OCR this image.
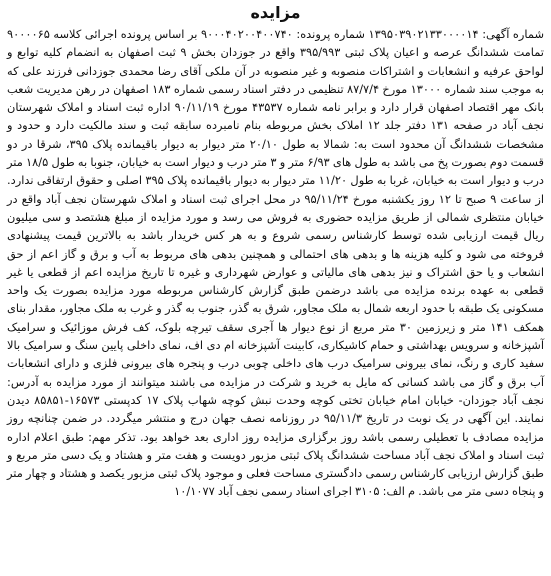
مزایده

شماره آگهی: ۱۳۹۵۰۳۹۰۲۱۳۳۰۰۰۰۱۴ شماره پرونده: ۹۰۰۰۴۰۲۰۰۴۰۰۷۴۰ بر اساس پرونده اجرائی کلاسه ۹۰۰۰۰۶۵ تمامت ششدانگ عرصه و اعیان پلاک ثبتی ۳۹۵/۹۹۳ واقع در جوزدان بخش ۹ ثبت اصفهان به انضمام کلیه توابع و لواحق عرفیه و انشعابات و اشتراکات منصوبه و غیر منصوبه در آن ملکی آقای رضا محمدی جوزدانی فرزند علی که به موجب سند شماره ۱۳۰۰۰ مورخ ۸۷/۷/۴ تنظیمی در دفتر اسناد رسمی شماره ۱۸۳ اصفهان در رهن مدیریت شعب بانک مهر اقتصاد اصفهان قرار دارد و برابر نامه شماره ۴۳۵۳۷ مورخ ۹۰/۱۱/۱۹ اداره ثبت اسناد و املاک شهرستان نجف آباد در صفحه ۱۳۱ دفتر جلد ۱۲ املاک بخش مربوطه بنام نامبرده سابقه ثبت و سند مالکیت دارد و حدود و مشخصات ششدانگ آن محدود است به: شمالا به طول ۲۰/۱۰ متر دیوار به دیوار باقیمانده پلاک ۳۹۵، شرقا در دو قسمت دوم بصورت پخ می باشد به طول های ۶/۹۳ متر و ۳ متر درب و دیوار است به خیابان، جنوبا به طول ۱۸/۵ متر درب و دیوار است به خیابان، غربا به طول ۱۱/۲۰ متر دیوار به دیوار باقیمانده پلاک ۳۹۵ اصلی و حقوق ارتفاقی ندارد. از ساعت ۹ صبح تا ۱۲ روز یکشنبه مورخ ۹۵/۱۱/۲۴ در محل اجرای ثبت اسناد و املاک شهرستان نجف آباد واقع در خیابان منتظری شمالی از طریق مزایده حضوری به فروش می رسد و مورد مزایده از مبلغ هشتصد و سی میلیون ریال قیمت ارزیابی شده توسط کارشناس رسمی شروع و به هر کس خریدار باشد به بالاترین قیمت پیشنهادی فروخته می شود و کلیه هزینه ها و بدهی های احتمالی و همچنین بدهی های مربوط به آب و برق و گاز اعم از حق انشعاب و یا حق اشتراک و نیز بدهی های مالیاتی و عوارض شهرداری و غیره تا تاریخ مزایده اعم از قطعی یا غیر قطعی به عهده برنده مزایده می باشد درضمن طبق گزارش کارشناس مربوطه مورد مزایده بصورت یک واحد مسکونی یک طبقه با حدود اربعه شمال به ملک مجاور، شرق به گذر، جنوب به گذر و غرب به ملک مجاور، مقدار بنای همکف ۱۴۱ متر و زیرزمین ۳۰ متر مربع از نوع دیوار ها آجری سقف تیرچه بلوک، کف فرش موزائیک و سرامیک آشپزخانه و سرویس بهداشتی و حمام کاشیکاری، کابینت آشپزخانه ام دی اف، نمای داخلی پایین سنگ و سرامیک بالا سفید کاری و رنگ، نمای بیرونی سرامیک درب های داخلی چوبی درب و پنجره های بیرونی فلزی و دارای انشعابات آب برق و گاز می باشد کسانی که مایل به خرید و شرکت در مزایده می باشند میتوانند از مورد مزایده به آدرس: نجف آباد جوزدان- خیابان امام خیابان تختی کوچه وحدت نبش کوچه شهاب پلاک ۱۷ کدپستی ۱۶۵۷۳-۸۵۸۵۱ دیدن نمایند. این آگهی در یک نوبت در تاریخ ۹۵/۱۱/۳ در روزنامه نصف جهان درج و منتشر میگردد. در ضمن چنانچه روز مزایده مصادف با تعطیلی رسمی باشد روز برگزاری مزایده روز اداری بعد خواهد بود. تذکر مهم: طبق اعلام اداره ثبت اسناد و املاک نجف آباد مساحت ششدانگ پلاک ثبتی مزبور دویست و هفت متر و هشتاد و یک دسی متر مربع و طبق گزارش ارزیابی کارشناس رسمی دادگستری مساحت فعلی و موجود پلاک ثبتی مزبور یکصد و هشتاد و چهار متر و پنجاه دسی متر می باشد. م الف: ۳۱۰۵ اجرای اسناد رسمی نجف آباد ۱۰/۱۰۷۷
